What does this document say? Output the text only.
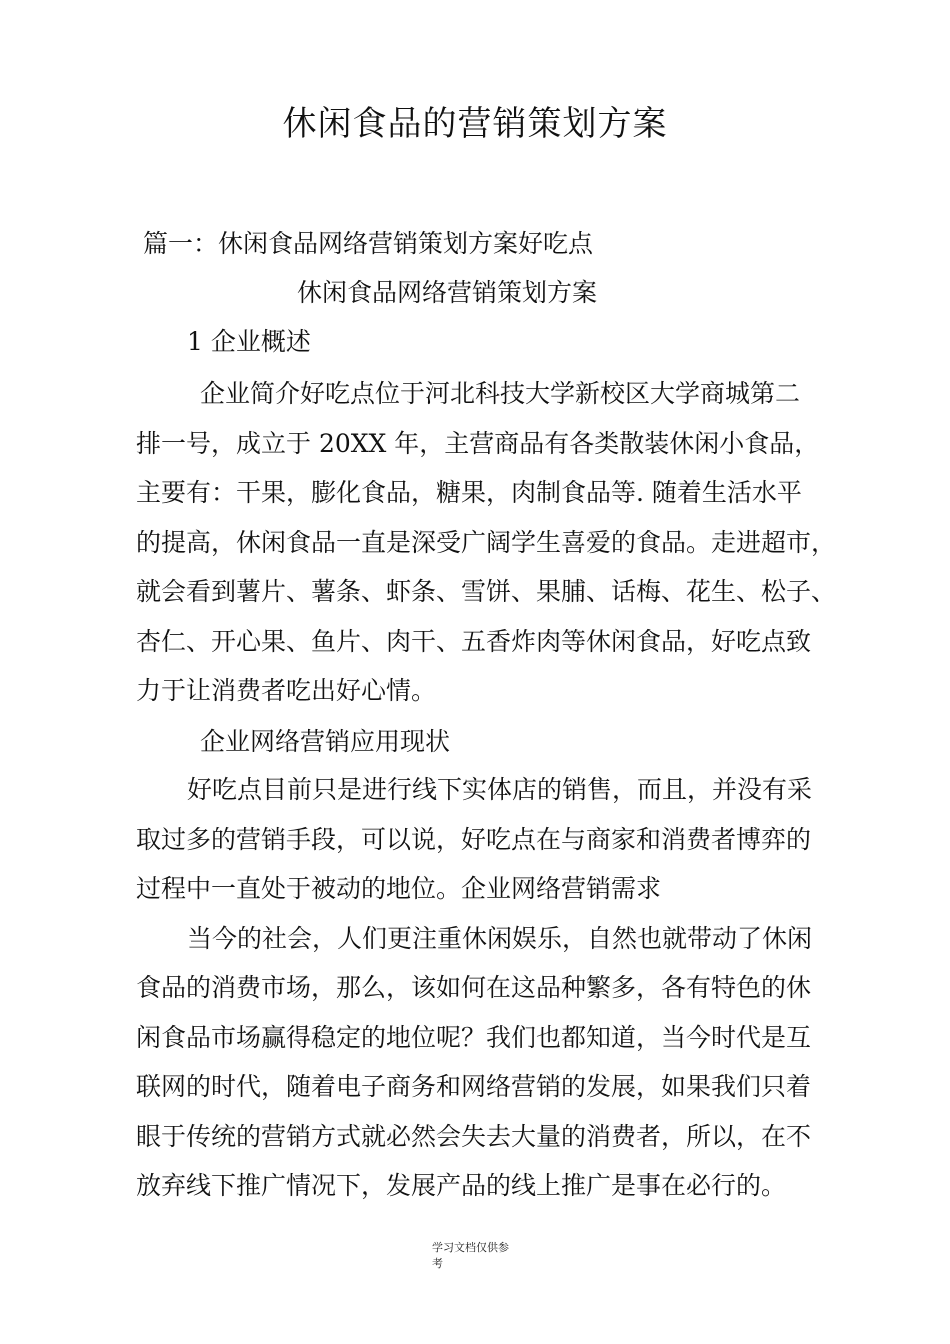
休闲食品的营销策划方案
篇一：休闲食品网络营销策划方案好吃点
休闲食品网络营销策划方案
1 企业概述
企业简介好吃点位于河北科技大学新校区大学商城第二
排一号，成立于 20XX 年，主营商品有各类散装休闲小食品，
主要有：干果，膨化食品，糖果，肉制食品等. 随着生活水平
的提高，休闲食品一直是深受广阔学生喜爱的食品。走进超市，
就会看到薯片、薯条、虾条、雪饼、果脯、话梅、花生、松子、
杏仁、开心果、鱼片、肉干、五香炸肉等休闲食品，好吃点致
力于让消费者吃出好心情。
企业网络营销应用现状
好吃点目前只是进行线下实体店的销售，而且，并没有采
取过多的营销手段，可以说，好吃点在与商家和消费者博弈的
过程中一直处于被动的地位。企业网络营销需求
当今的社会，人们更注重休闲娱乐，自然也就带动了休闲
食品的消费市场，那么，该如何在这品种繁多，各有特色的休
闲食品市场赢得稳定的地位呢？我们也都知道，当今时代是互
联网的时代，随着电子商务和网络营销的发展，如果我们只着
眼于传统的营销方式就必然会失去大量的消费者，所以，在不
放弃线下推广情况下，发展产品的线上推广是事在必行的。
学习文档仅供参
考
